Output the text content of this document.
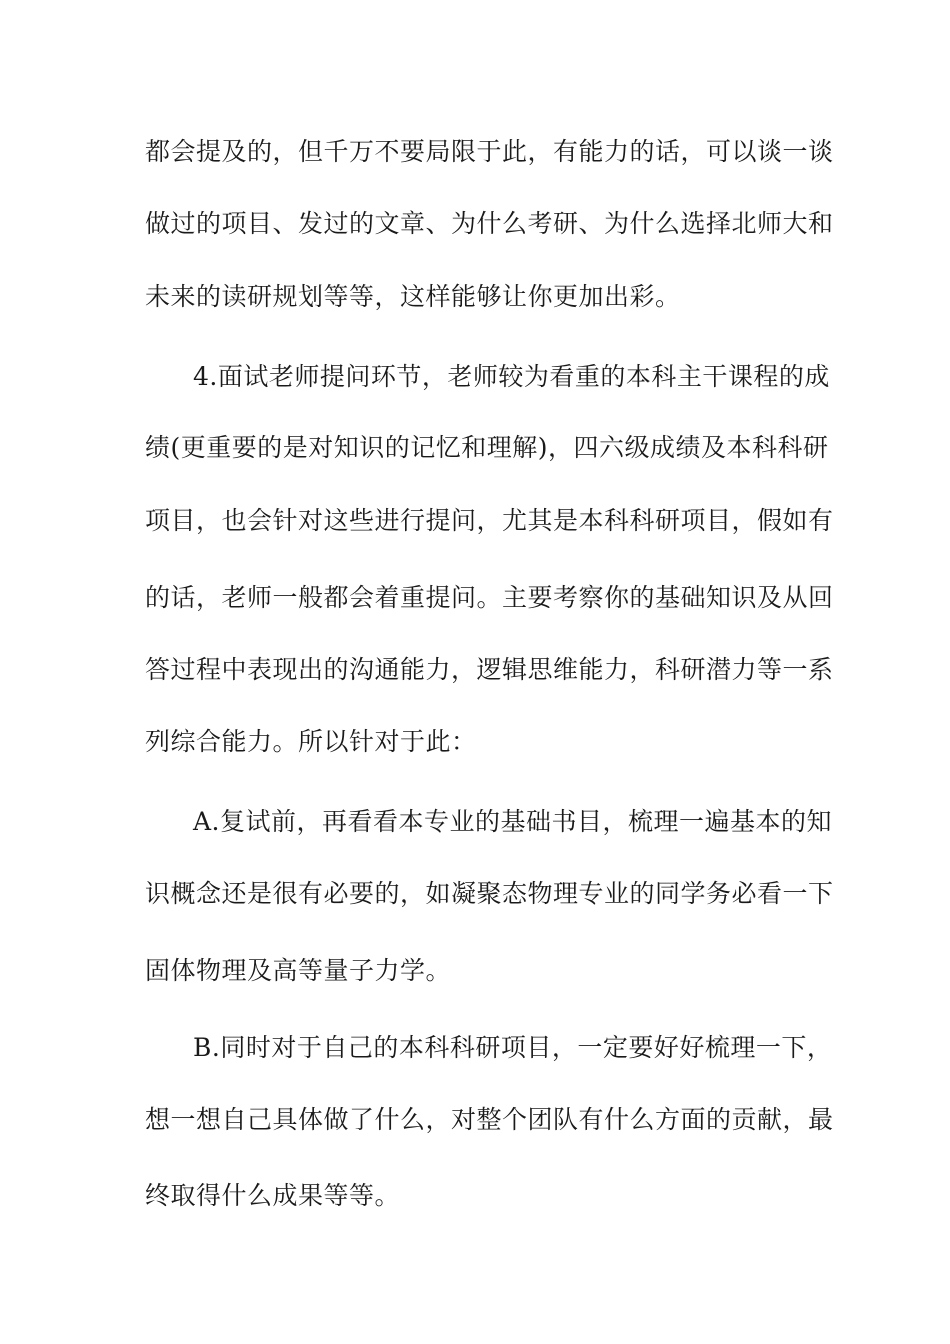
都会提及的，但千万不要局限于此，有能力的话，可以谈一谈
做过的项目、发过的文章、为什么考研、为什么选择北师大和
未来的读研规划等等，这样能够让你更加出彩。
4.面试老师提问环节，老师较为看重的本科主干课程的成
绩(更重要的是对知识的记忆和理解)，四六级成绩及本科科研
项目，也会针对这些进行提问，尤其是本科科研项目，假如有
的话，老师一般都会着重提问。主要考察你的基础知识及从回
答过程中表现出的沟通能力，逻辑思维能力，科研潜力等一系
列综合能力。所以针对于此：
A.复试前，再看看本专业的基础书目，梳理一遍基本的知
识概念还是很有必要的，如凝聚态物理专业的同学务必看一下
固体物理及高等量子力学。
B.同时对于自己的本科科研项目，一定要好好梳理一下，
想一想自己具体做了什么，对整个团队有什么方面的贡献，最
终取得什么成果等等。
